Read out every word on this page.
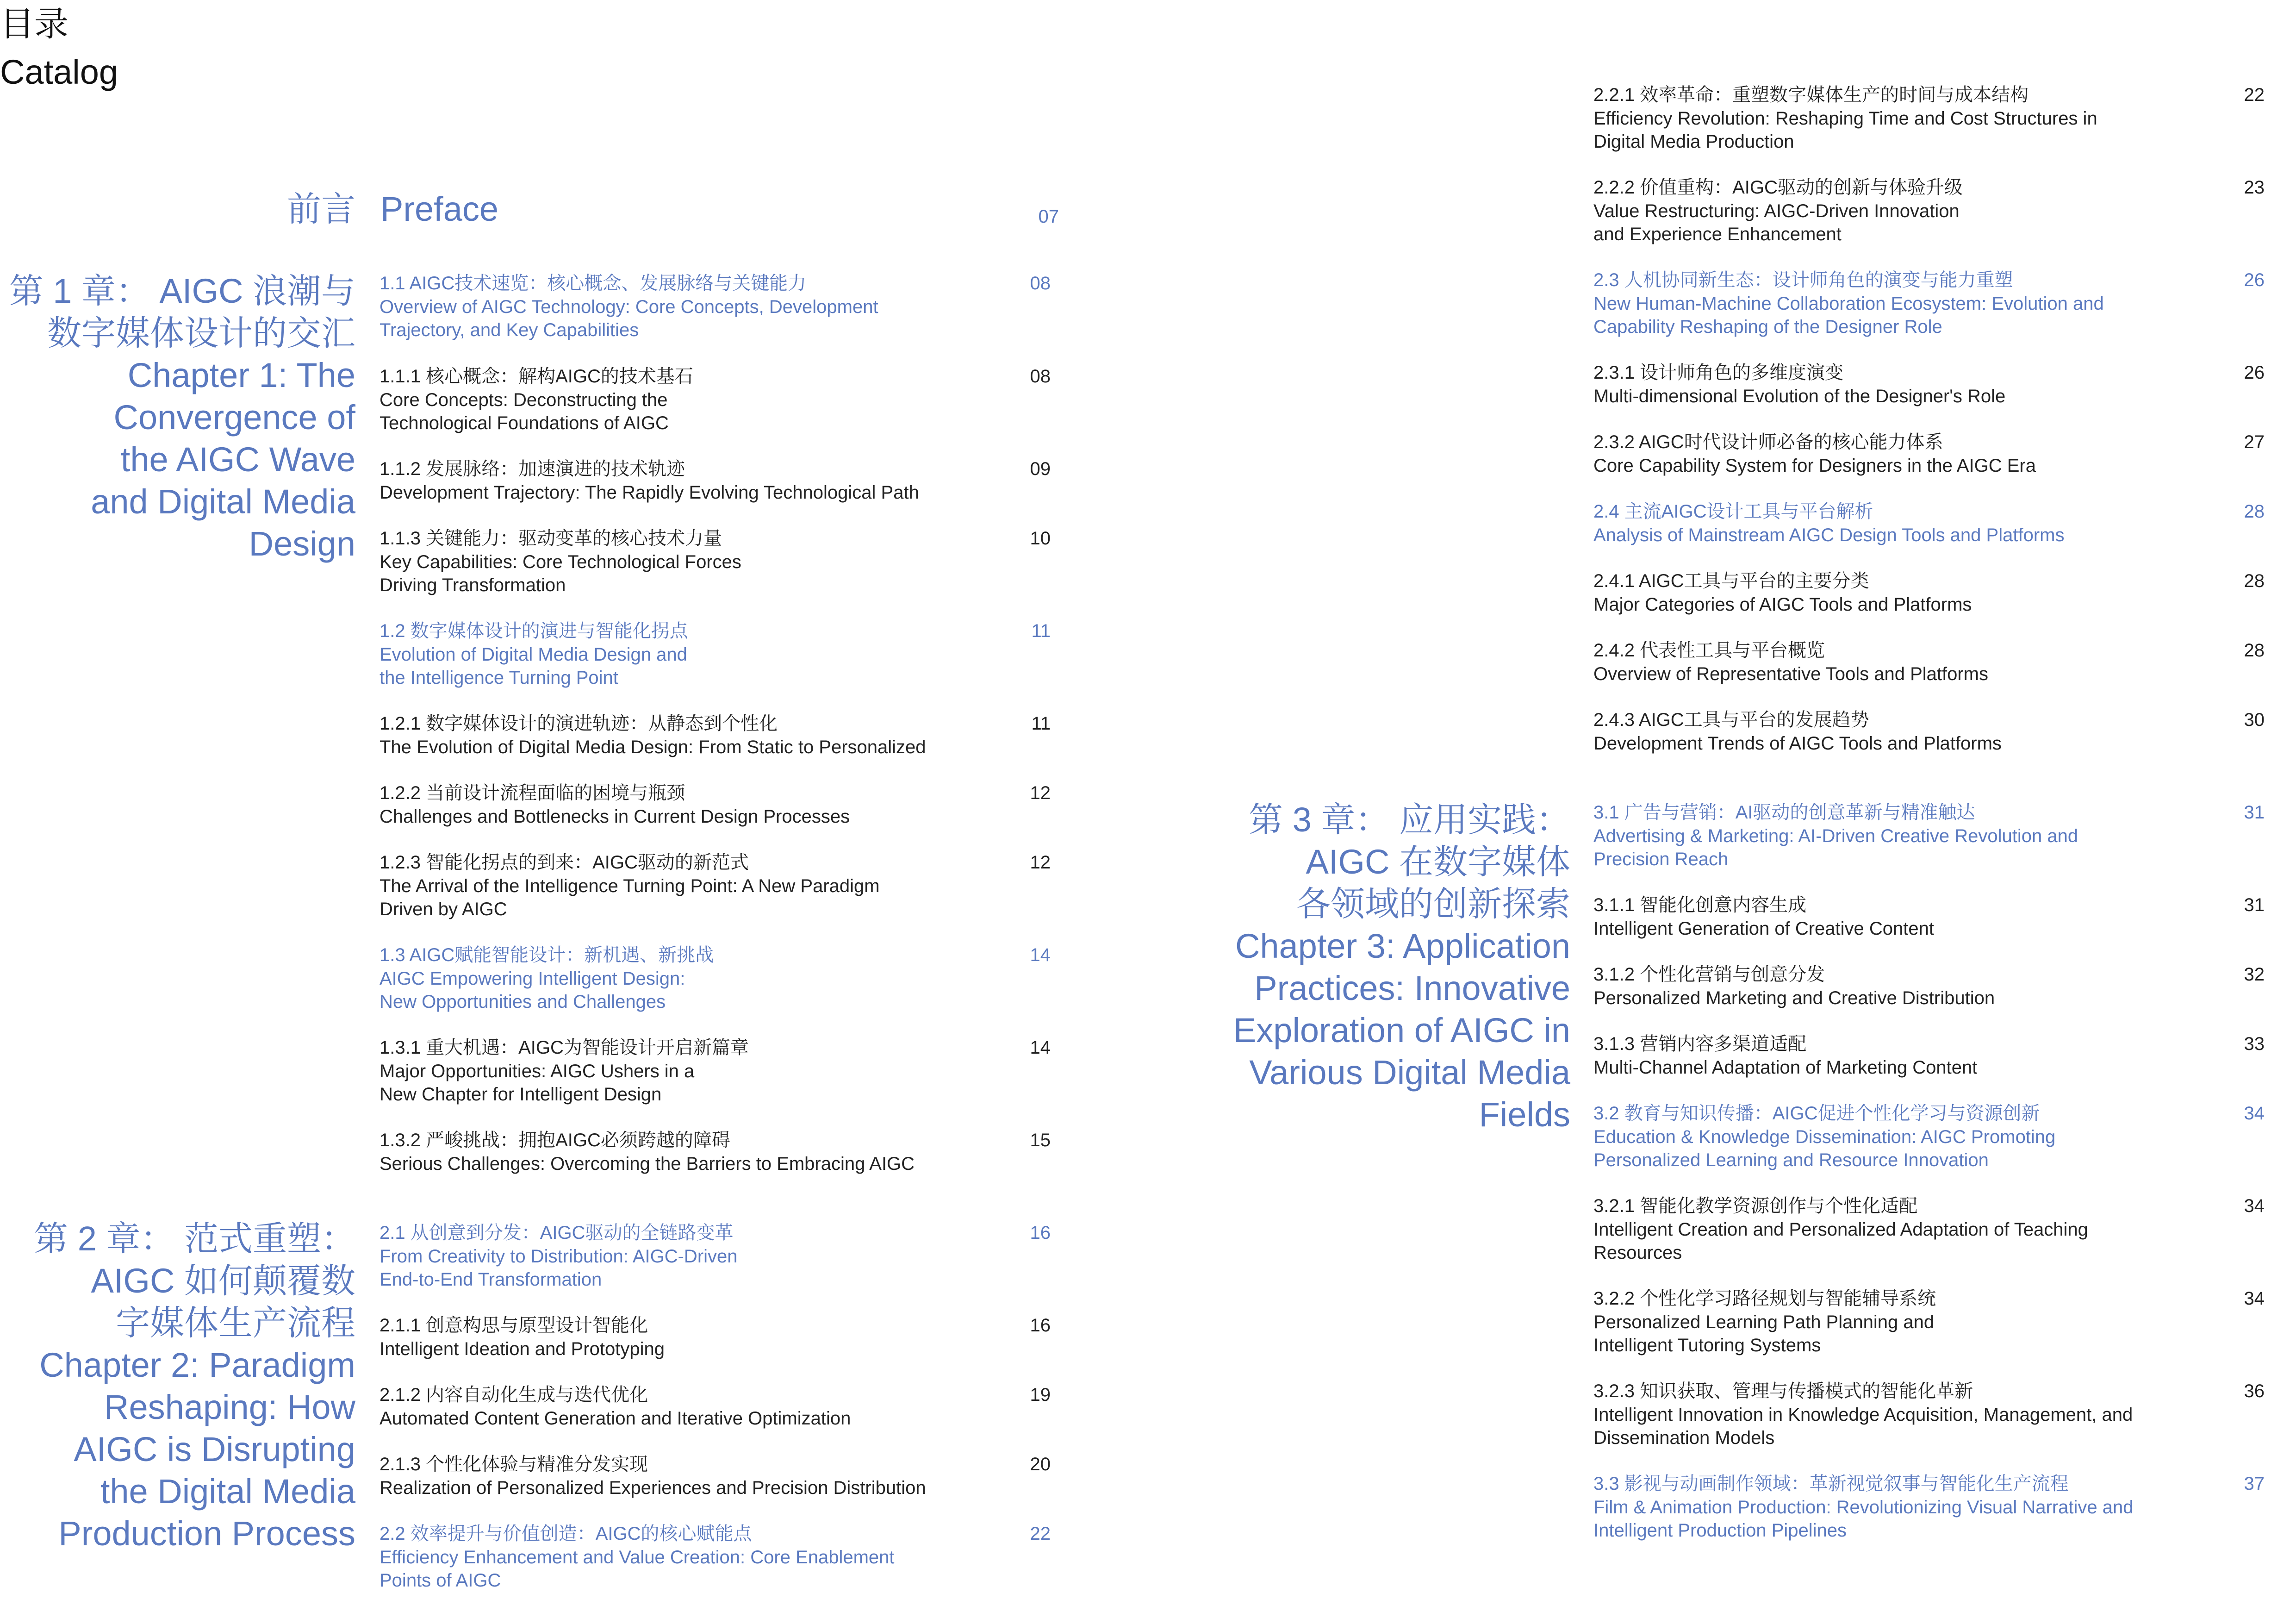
目录
Catalog
前言 Preface	07
1.1 AIGC技术速览：核心概念、发展脉络与关键能力
Overview of AIGC Technology: Core Concepts, Development
Trajectory, and Key Capabilities
08
1.1.1 核心概念：解构AIGC的技术基石
Core Concepts: Deconstructing the
Technological Foundations of AIGC
08
1.1.2 发展脉络：加速演进的技术轨迹
Development Trajectory: The Rapidly Evolving Technological Path
09
1.1.3 关键能力：驱动变革的核心技术力量
Key Capabilities: Core Technological Forces
Driving Transformation
10
1.2 数字媒体设计的演进与智能化拐点
Evolution of Digital Media Design and
the Intelligence Turning Point
11
1.2.1 数字媒体设计的演进轨迹：从静态到个性化
The Evolution of Digital Media Design: From Static to Personalized
11
1.2.2 当前设计流程面临的困境与瓶颈
Challenges and Bottlenecks in Current Design Processes
12
1.2.3 智能化拐点的到来：AIGC驱动的新范式
The Arrival of the Intelligence Turning Point: A New Paradigm
Driven by AIGC
12
1.3 AIGC赋能智能设计：新机遇、新挑战
AIGC Empowering Intelligent Design:
New Opportunities and Challenges
14
1.3.1 重大机遇：AIGC为智能设计开启新篇章
Major Opportunities: AIGC Ushers in a
New Chapter for Intelligent Design
14
1.3.2 严峻挑战：拥抱AIGC必须跨越的障碍
Serious Challenges: Overcoming the Barriers to Embracing AIGC
15
2.1 从创意到分发：AIGC驱动的全链路变革
From Creativity to Distribution: AIGC-Driven
End-to-End Transformation
16
2.1.1 创意构思与原型设计智能化
Intelligent Ideation and Prototyping
16
2.1.2 内容自动化生成与迭代优化
Automated Content Generation and Iterative Optimization
19
2.1.3 个性化体验与精准分发实现
Realization of Personalized Experiences and Precision Distribution
20
2.2 效率提升与价值创造：AIGC的核心赋能点
Efficiency Enhancement and Value Creation: Core Enablement
Points of AIGC
22
2.2.1 效率革命：重塑数字媒体生产的时间与成本结构
Efficiency Revolution: Reshaping Time and Cost Structures in
Digital Media Production
22
2.2.2 价值重构：AIGC驱动的创新与体验升级
Value Restructuring: AIGC-Driven Innovation
and Experience Enhancement
23
2.3 人机协同新生态：设计师角色的演变与能力重塑
New Human-Machine Collaboration Ecosystem: Evolution and
Capability Reshaping of the Designer Role
26
2.3.1 设计师角色的多维度演变
Multi-dimensional Evolution of the Designer's Role
26
2.3.2 AIGC时代设计师必备的核心能力体系
Core Capability System for Designers in the AIGC Era
27
2.4 主流AIGC设计工具与平台解析
Analysis of Mainstream AIGC Design Tools and Platforms
28
2.4.1 AIGC工具与平台的主要分类
Major Categories of AIGC Tools and Platforms
28
2.4.2 代表性工具与平台概览
Overview of Representative Tools and Platforms
28
2.4.3 AIGC工具与平台的发展趋势
Development Trends of AIGC Tools and Platforms
30
3.1 广告与营销：AI驱动的创意革新与精准触达
Advertising & Marketing: AI-Driven Creative Revolution and
Precision Reach
31
3.1.1 智能化创意内容生成
Intelligent Generation of Creative Content
31
3.1.2 个性化营销与创意分发
Personalized Marketing and Creative Distribution
32
3.1.3 营销内容多渠道适配
Multi-Channel Adaptation of Marketing Content
33
3.2 教育与知识传播：AIGC促进个性化学习与资源创新
Education & Knowledge Dissemination: AIGC Promoting
Personalized Learning and Resource Innovation
34
3.2.1 智能化教学资源创作与个性化适配
Intelligent Creation and Personalized Adaptation of Teaching
Resources
34
3.2.2 个性化学习路径规划与智能辅导系统
Personalized Learning Path Planning and
Intelligent Tutoring Systems
34
3.2.3 知识获取、管理与传播模式的智能化革新
Intelligent Innovation in Knowledge Acquisition, Management, and
Dissemination Models
36
3.3 影视与动画制作领域：革新视觉叙事与智能化生产流程
Film & Animation Production: Revolutionizing Visual Narrative and
Intelligent Production Pipelines
37
第 1 章： AIGC 浪潮与
数字媒体设计的交汇
Chapter 1: The
Convergence of
the AIGC Wave
and Digital Media
Design
第 2 章： 范式重塑：
AIGC 如何颠覆数
字媒体生产流程
Chapter 2: Paradigm
Reshaping: How
AIGC is Disrupting
the Digital Media
Production Process
第 3 章： 应用实践：
AIGC 在数字媒体
各领域的创新探索
Chapter 3: Application
Practices: Innovative
Exploration of AIGC in
Various Digital Media
Fields
